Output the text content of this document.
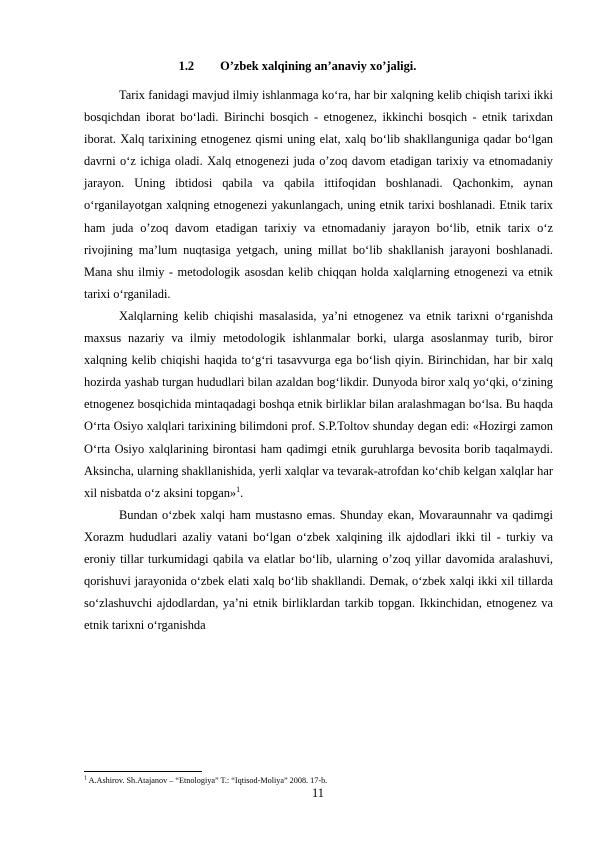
1.2 O’zbek xalqining an’anaviy xo’jaligi.

Tarix fanidagi mavjud ilmiy ishlanmaga ko‘ra, har bir xalqning kelib chiqish tarixi ikki bosqichdan iborat bo‘ladi. Birinchi bosqich - etnogenez, ikkinchi bosqich - etnik tarixdan iborat. Xalq tarixining etnogenez qismi uning elat, xalq bo‘lib shakllanguniga qadar bo‘lgan davrni o‘z ichiga oladi. Xalq etnogenezi juda o’zoq davom etadigan tarixiy va etnomadaniy jarayon. Uning ibtidosi qabila va qabila ittifoqidan boshlanadi. Qachonkim, aynan o‘rganilayotgan xalqning etnogenezi yakunlangach, uning etnik tarixi boshlanadi. Etnik tarix ham juda o’zoq davom etadigan tarixiy va etnomadaniy jarayon bo‘lib, etnik tarix o‘z rivojining ma’lum nuqtasiga yetgach, uning millat bo‘lib shakllanish jarayoni boshlanadi. Mana shu ilmiy - metodologik asosdan kelib chiqqan holda xalqlarning etnogenezi va etnik tarixi o‘rganiladi.

Xalqlarning kelib chiqishi masalasida, ya’ni etnogenez va etnik tarixni o‘rganishda maxsus nazariy va ilmiy metodologik ishlanmalar borki, ularga asoslanmay turib, biror xalqning kelib chiqishi haqida to‘g‘ri tasavvurga ega bo‘lish qiyin. Birinchidan, har bir xalq hozirda yashab turgan hududlari bilan azaldan bog‘likdir. Dunyoda biror xalq yo‘qki, o‘zining etnogenez bosqichida mintaqadagi boshqa etnik birliklar bilan aralashmagan bo‘lsa. Bu haqda O‘rta Osiyo xalqlari tarixining bilimdoni prof. S.P.Toltov shunday degan edi: «Hozirgi zamon O‘rta Osiyo xalqlarining birontasi ham qadimgi etnik guruhlarga bevosita borib taqalmaydi. Aksincha, ularning shakllanishida, yerli xalqlar va tevarak-atrofdan ko‘chib kelgan xalqlar har xil nisbatda o‘z aksini topgan»$^1$.

Bundan o‘zbek xalqi ham mustasno emas. Shunday ekan, Movaraunnahr va qadimgi Xorazm hududlari azaliy vatani bo‘lgan o‘zbek xalqining ilk ajdodlari ikki til - turkiy va eroniy tillar turkumidagi qabila va elatlar bo‘lib, ularning o’zoq yillar davomida aralashuvi, qorishuvi jarayonida o‘zbek elati xalq bo‘lib shakllandi. Demak, o‘zbek xalqi ikki xil tillarda so‘zlashuvchi ajdodlardan, ya’ni etnik birliklardan tarkib topgan. Ikkinchidan, etnogenez va etnik tarixni o‘rganishda

$^1$ A.Ashirov. Sh.Atajanov – “Etnologiya” T.: “Iqtisod-Moliya” 2008. 17-b.
11
